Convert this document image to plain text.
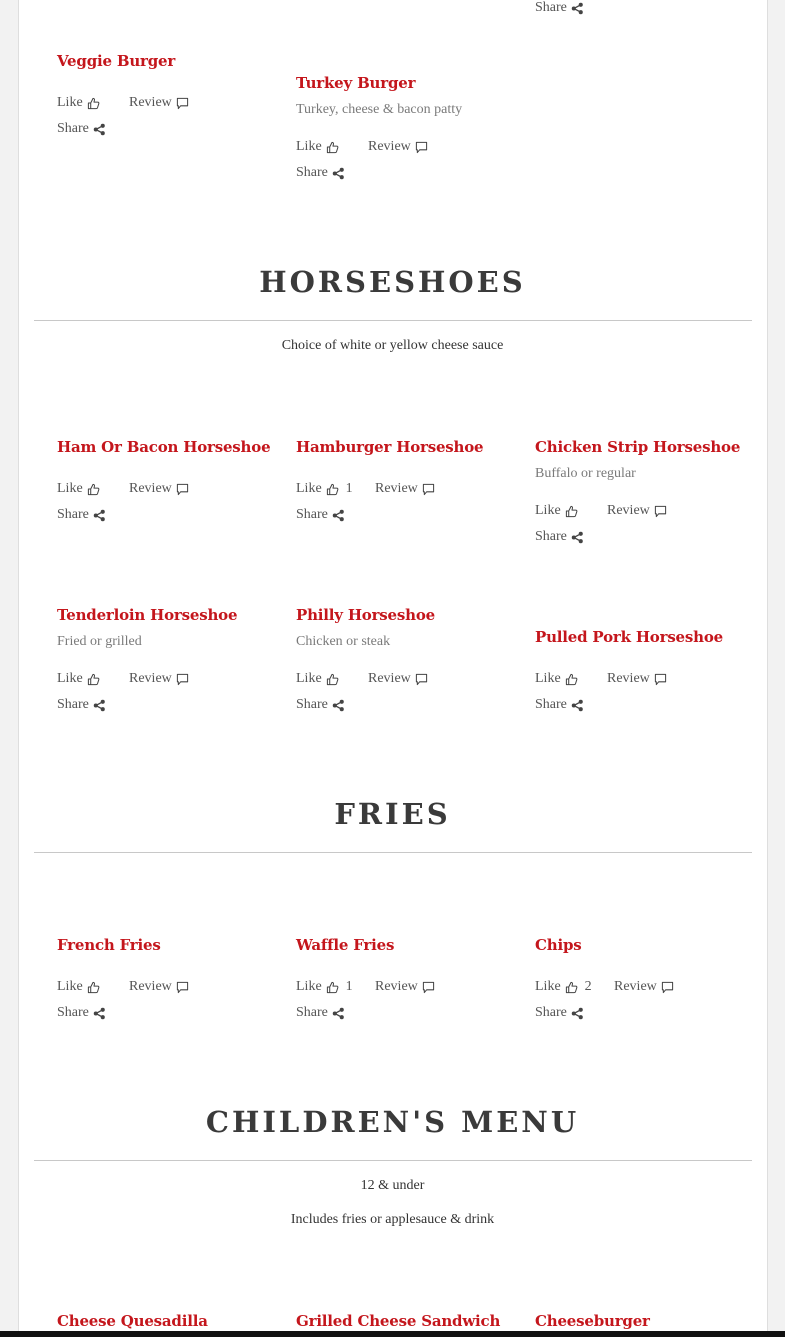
Share
Veggie Burger
Like	Review
Share
Turkey Burger
Turkey, cheese & bacon patty
Like	Review
Share
HORSESHOES
Choice of white or yellow cheese sauce
Ham Or Bacon Horseshoe
Like	Review
Share
Hamburger Horseshoe
Like 1 Review
Share
Chicken Strip Horseshoe
Buffalo or regular
Like	Review
Share
Tenderloin Horseshoe
Fried or grilled
Like	Review
Share
Philly Horseshoe
Chicken or steak
Like	Review
Share
Pulled Pork Horseshoe
Like	Review
Share
FRIES
French Fries
Like	Review
Share
Waffle Fries
Like 1 Review
Share
Chips
Like 2 Review
Share
CHILDREN'S MENU
12 & under
Includes fries or applesauce & drink
Cheese Quesadilla	Grilled Cheese Sandwich Cheeseburger
